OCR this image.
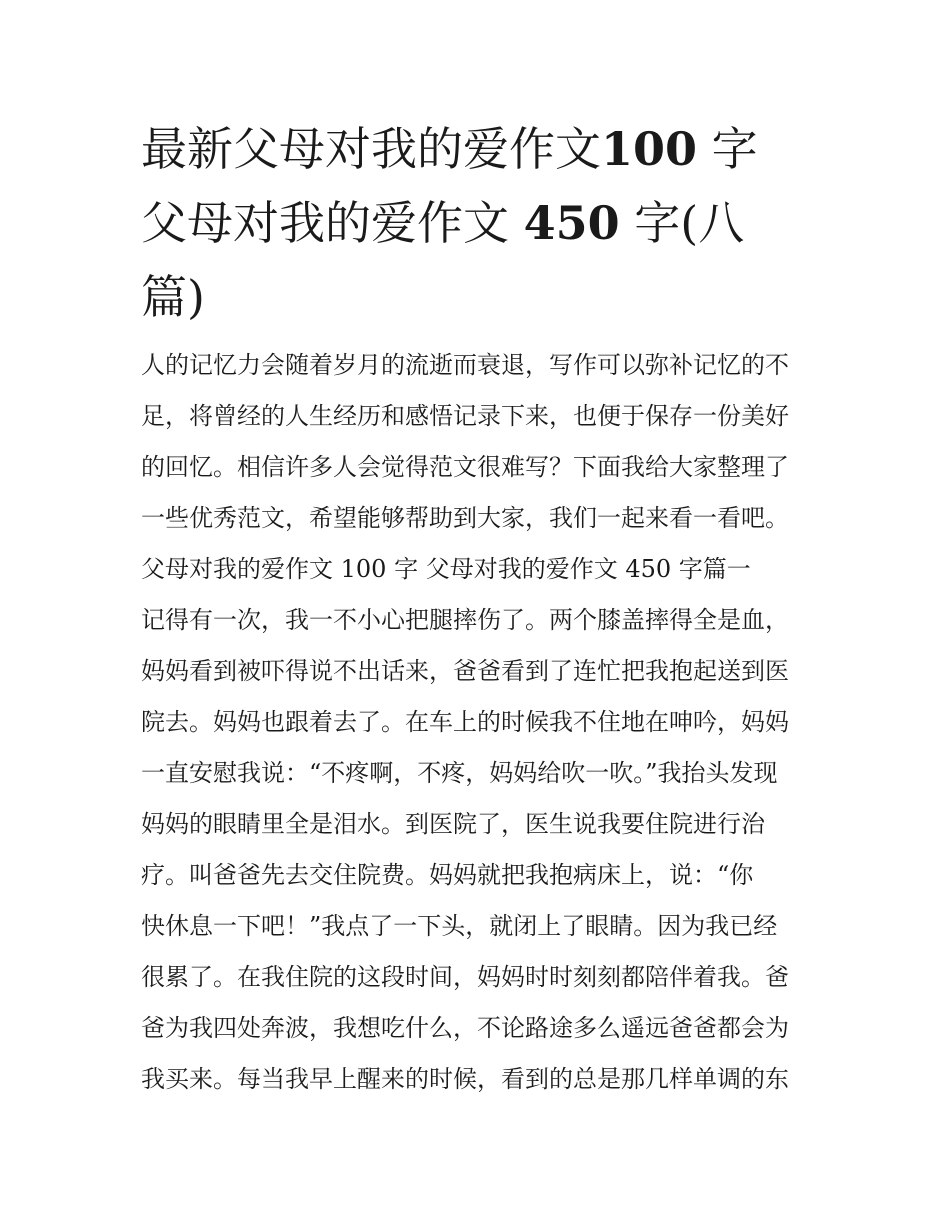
最新父母对我的爱作文100 字
父母对我的爱作文 450 字(八
篇)
人的记忆力会随着岁月的流逝而衰退，写作可以弥补记忆的不
足，将曾经的人生经历和感悟记录下来，也便于保存一份美好
的回忆。相信许多人会觉得范文很难写？下面我给大家整理了
一些优秀范文，希望能够帮助到大家，我们一起来看一看吧。
父母对我的爱作文 100 字 父母对我的爱作文 450 字篇一
记得有一次，我一不小心把腿摔伤了。两个膝盖摔得全是血，
妈妈看到被吓得说不出话来，爸爸看到了连忙把我抱起送到医
院去。妈妈也跟着去了。在车上的时候我不住地在呻吟，妈妈
一直安慰我说：“不疼啊，不疼，妈妈给吹一吹。”我抬头发现
妈妈的眼睛里全是泪水。到医院了，医生说我要住院进行治
疗。叫爸爸先去交住院费。妈妈就把我抱病床上，说：“你
快休息一下吧！”我点了一下头，就闭上了眼睛。因为我已经
很累了。在我住院的这段时间，妈妈时时刻刻都陪伴着我。爸
爸为我四处奔波，我想吃什么，不论路途多么遥远爸爸都会为
我买来。每当我早上醒来的时候，看到的总是那几样单调的东
